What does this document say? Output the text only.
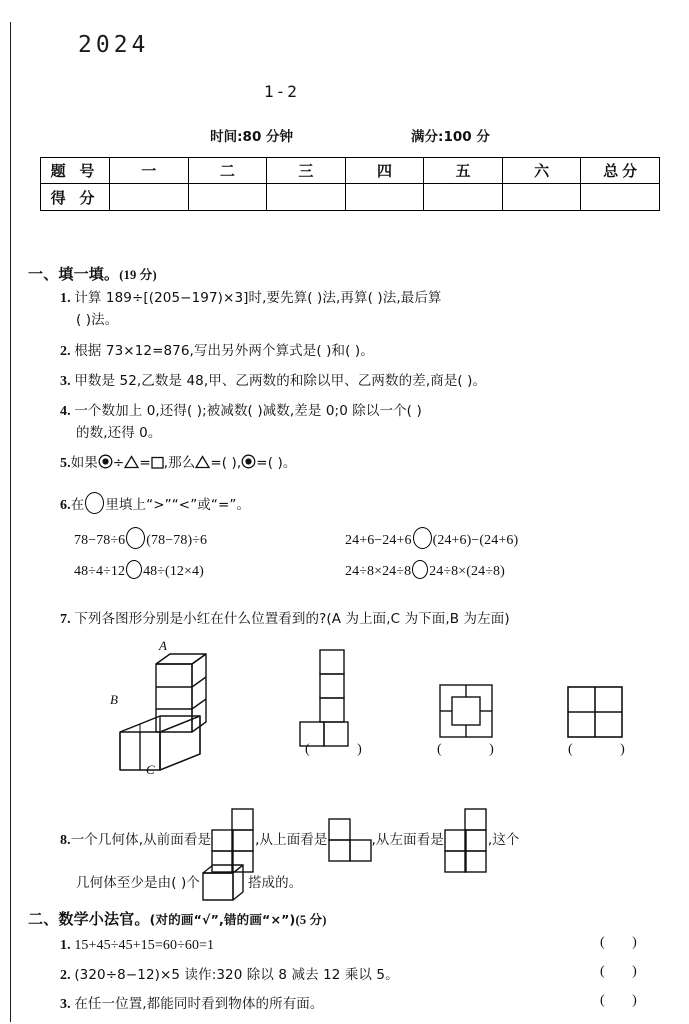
2024
1-2
时间:80 分钟	满分:100 分
题 号	一	二	三	四	五	六	总 分
得 分							
一、填一填。(19 分)
1. 计算 189÷[(205−197)×3]时,要先算( )法,再算( )法,最后算
( )法。
2. 根据 73×12=876,写出另外两个算式是( )和( )。
3. 甲数是 52,乙数是 48,甲、乙两数的和除以甲、乙两数的差,商是( )。
4. 一个数加上 0,还得( );被减数( )减数,差是 0;0 除以一个( )
的数,还得 0。
5.如果 ÷ = ,那么 =( ), =( )。
6.在 里填上“>”“<”或“=”。
78−78÷6 (78−78)÷6	24+6−24+6 (24+6)−(24+6)
48÷4÷12 48÷(12×4)	24÷8×24÷8 24÷8×(24÷8)
7. 下列各图形分别是小红在什么位置看到的?(A 为上面,C 为下面,B 为左面)
A
B
C
( )	( )	( )
8.一个几何体,从前面看是	,从上面看是	,从左面看是	,这个
几何体至少是由( )个	搭成的。
二、数学小法官。(对的画“√”,错的画“×”)(5 分)
1. 15+45÷45+15=60÷60=1	( )
2. (320÷8−12)×5 读作:320 除以 8 减去 12 乘以 5。	( )
3. 在任一位置,都能同时看到物体的所有面。	( )
